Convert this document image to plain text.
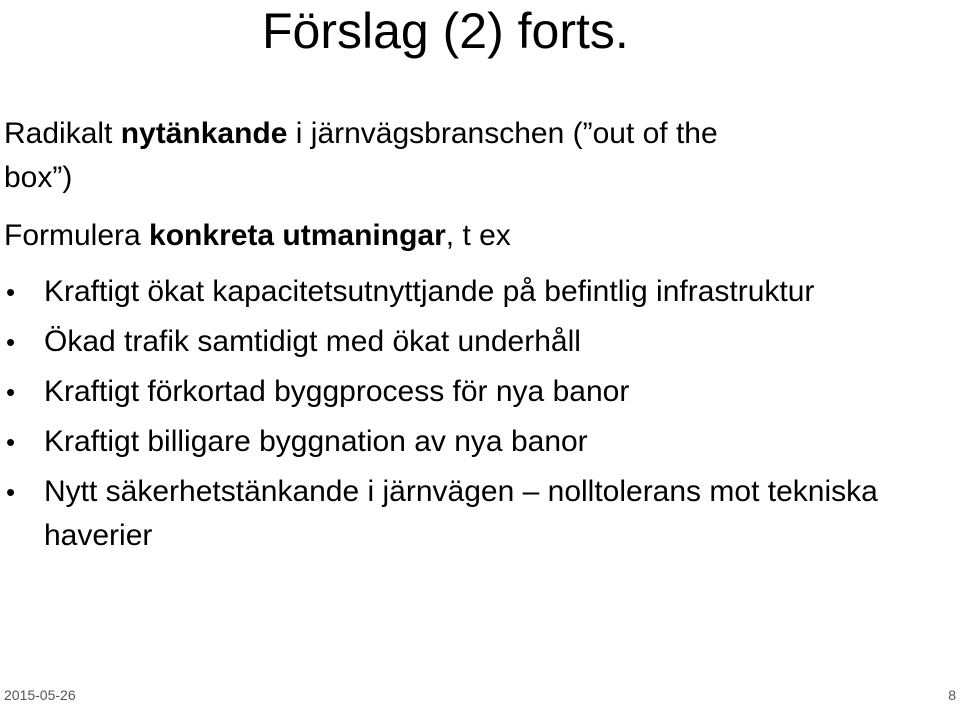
Förslag (2) forts.

Radikalt nytänkande i järnvägsbranschen (”out of the

box”)

Formulera konkreta utmaningar, t ex

• Kraftigt ökat kapacitetsutnyttjande på befintlig infrastruktur
• Ökad trafik samtidigt med ökat underhåll
• Kraftigt förkortad byggprocess för nya banor
• Kraftigt billigare byggnation av nya banor
• Nytt säkerhetstänkande i järnvägen – nolltolerans mot tekniska haverier
2015-05-26	8
